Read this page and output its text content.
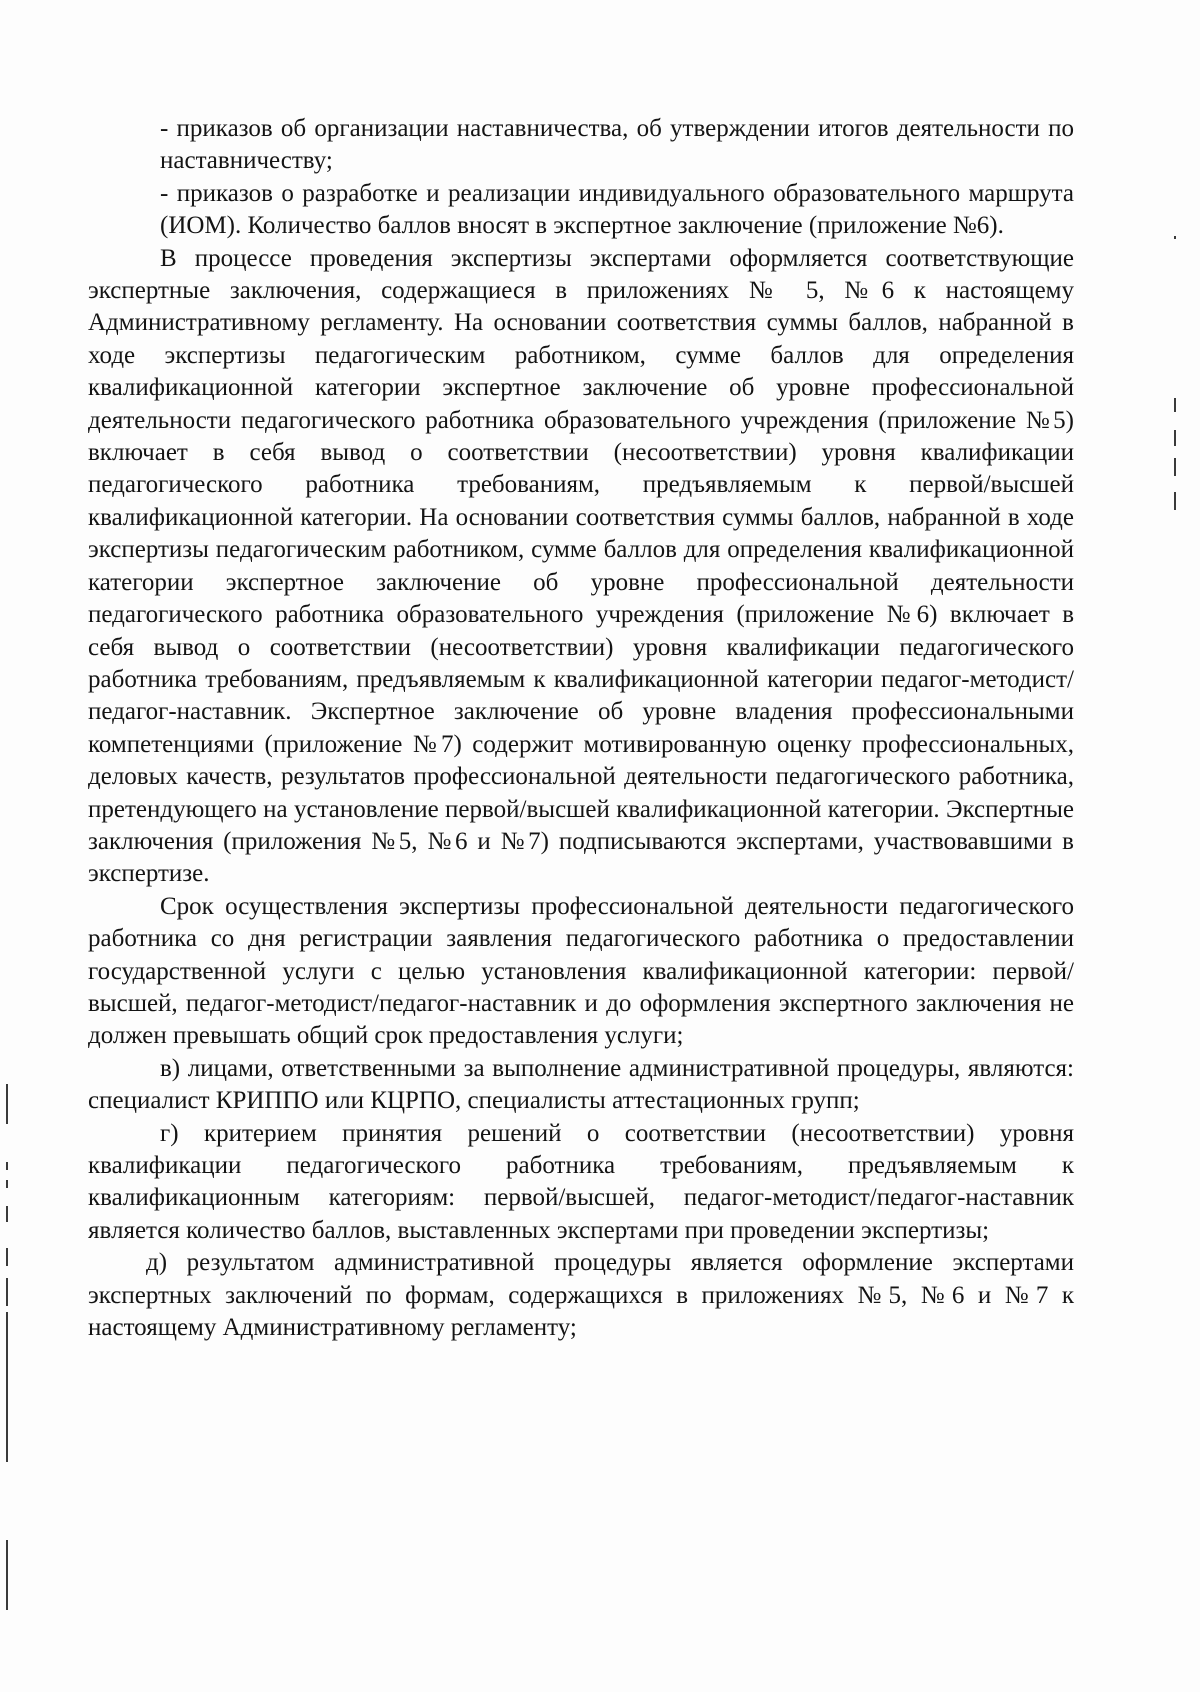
- приказов об организации наставничества, об утверждении итогов деятельности по наставничеству;

- приказов о разработке и реализации индивидуального образовательного маршрута (ИОМ). Количество баллов вносят в экспертное заключение (приложение №6).

В процессе проведения экспертизы экспертами оформляется соответствующие экспертные заключения, содержащиеся в приложениях № 5, №6 к настоящему Административному регламенту. На основании соответствия суммы баллов, набранной в ходе экспертизы педагогическим работником, сумме баллов для определения квалификационной категории экспертное заключение об уровне профессиональной деятельности педагогического работника образовательного учреждения (приложение №5) включает в себя вывод о соответствии (несоответствии) уровня квалификации педагогического работника требованиям, предъявляемым к первой/высшей квалификационной категории. На основании соответствия суммы баллов, набранной в ходе экспертизы педагогическим работником, сумме баллов для определения квалификационной категории экспертное заключение об уровне профессиональной деятельности педагогического работника образовательного учреждения (приложение №6) включает в себя вывод о соответствии (несоответствии) уровня квалификации педагогического работника требованиям, предъявляемым к квалификационной категории педагог-методист/педагог-наставник. Экспертное заключение об уровне владения профессиональными компетенциями (приложение №7) содержит мотивированную оценку профессиональных, деловых качеств, результатов профессиональной деятельности педагогического работника, претендующего на установление первой/высшей квалификационной категории. Экспертные заключения (приложения №5, №6 и №7) подписываются экспертами, участвовавшими в экспертизе.

Срок осуществления экспертизы профессиональной деятельности педагогического работника со дня регистрации заявления педагогического работника о предоставлении государственной услуги с целью установления квалификационной категории: первой/высшей, педагог-методист/педагог-наставник и до оформления экспертного заключения не должен превышать общий срок предоставления услуги;

в) лицами, ответственными за выполнение административной процедуры, являются: специалист КРИППО или КЦРПО, специалисты аттестационных групп;

г) критерием принятия решений о соответствии (несоответствии) уровня квалификации педагогического работника требованиям, предъявляемым к квалификационным категориям: первой/высшей, педагог-методист/педагог-наставник является количество баллов, выставленных экспертами при проведении экспертизы;

д) результатом административной процедуры является оформление экспертами экспертных заключений по формам, содержащихся в приложениях №5, №6 и №7 к настоящему Административному регламенту;
